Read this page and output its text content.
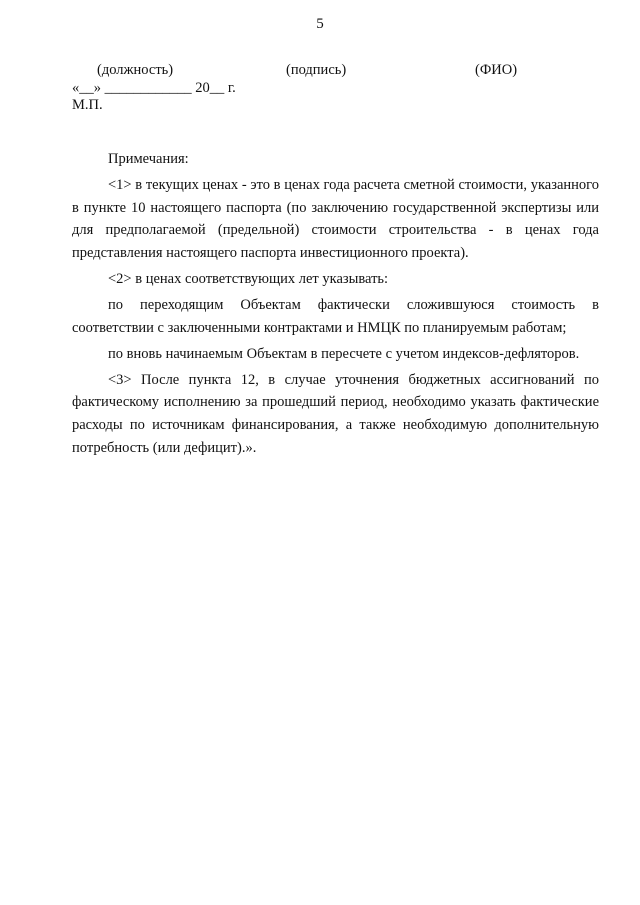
5
(должность)	(подпись)	(ФИО)
«__» ____________ 20__ г.
М.П.

Примечания:

<1> в текущих ценах - это в ценах года расчета сметной стоимости, указанного в пункте 10 настоящего паспорта (по заключению государственной экспертизы или для предполагаемой (предельной) стоимости строительства - в ценах года представления настоящего паспорта инвестиционного проекта).

<2> в ценах соответствующих лет указывать:

по переходящим Объектам фактически сложившуюся стоимость в соответствии с заключенными контрактами и НМЦК по планируемым работам;

по вновь начинаемым Объектам в пересчете с учетом индексов-дефляторов.

<3> После пункта 12, в случае уточнения бюджетных ассигнований по фактическому исполнению за прошедший период, необходимо указать фактические расходы по источникам финансирования, а также необходимую дополнительную потребность (или дефицит).».
